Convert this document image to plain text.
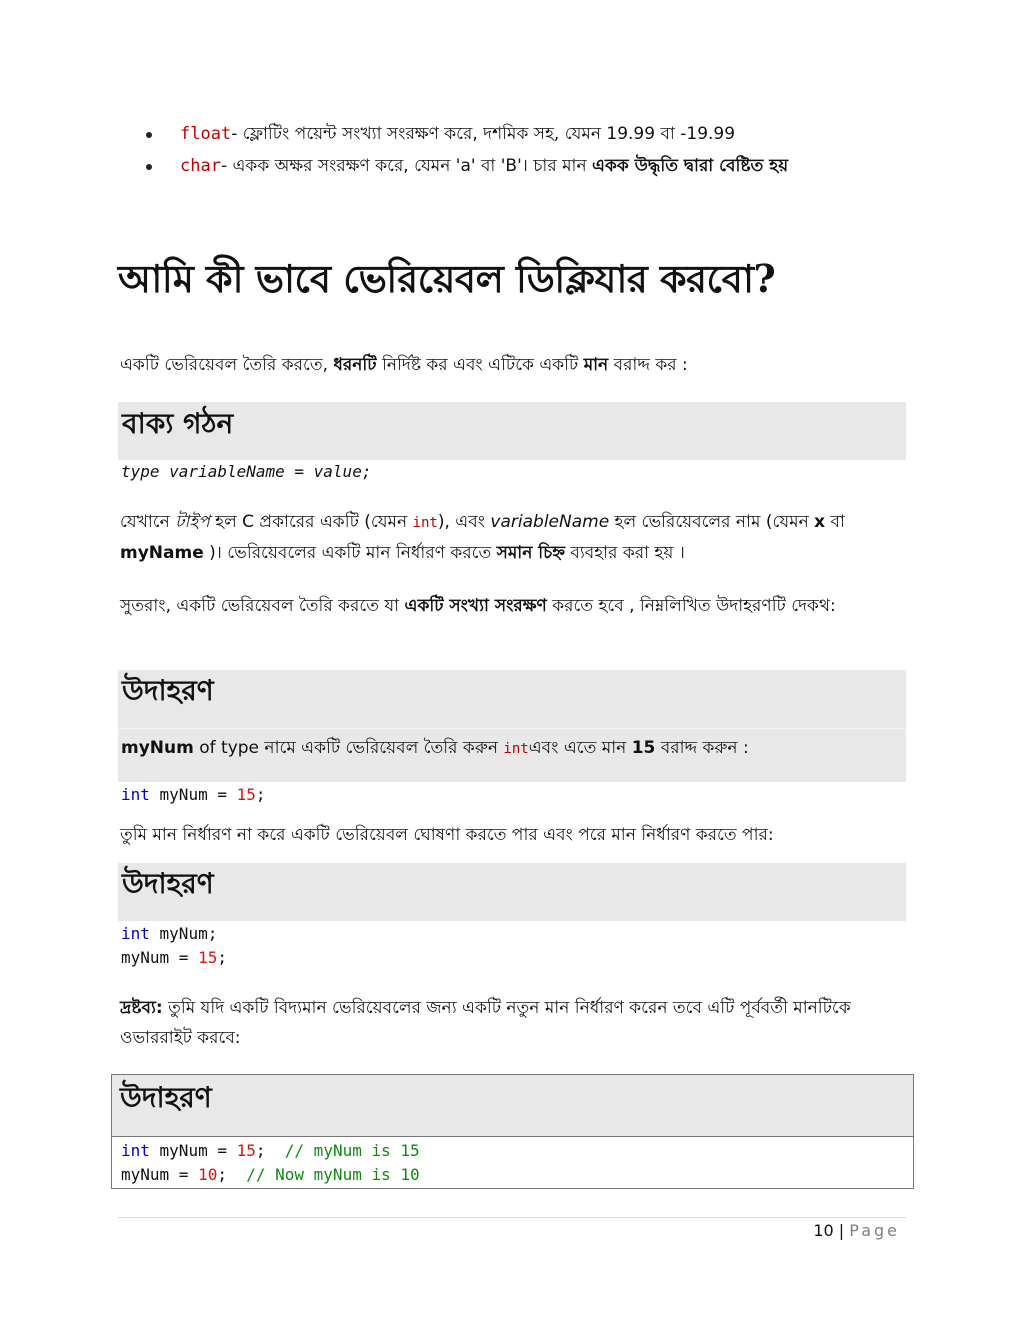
float- ফ্লোটিং পয়েন্ট সংখ্যা সংরক্ষণ করে, দশমিক সহ, যেমন 19.99 বা -19.99
char- একক অক্ষর সংরক্ষণ করে, যেমন 'a' বা 'B'। চার মান একক উদ্ধৃতি দ্বারা বেষ্টিত হয়
আমি কী ভাবে ভেরিয়েবল ডিক্লিযার করবো?
একটি ভেরিয়েবল তৈরি করতে, ধরনটি নির্দিষ্ট কর এবং এটিকে একটি মান বরাদ্দ কর :
বাক্য গঠন
type variableName = value;
যেখানে টাইপ হল C প্রকারের একটি (যেমন int), এবং variableName হল ভেরিয়েবলের নাম (যেমন x বা myName )। ভেরিয়েবলের একটি মান নির্ধারণ করতে সমান চিহ্ন ব্যবহার করা হয় ।
সুতরাং, একটি ভেরিয়েবল তৈরি করতে যা একটি সংখ্যা সংরক্ষণ করতে হবে , নিম্নলিখিত উদাহরণটি দেকথ:
উদাহরণ
myNum of type নামে একটি ভেরিয়েবল তৈরি করুন intএবং এতে মান 15 বরাদ্দ করুন :
int myNum = 15;
তুমি মান নির্ধারণ না করে একটি ভেরিয়েবল ঘোষণা করতে পার এবং পরে মান নির্ধারণ করতে পার:
উদাহরণ
int myNum;
myNum = 15;
দ্রষ্টব্য: তুমি যদি একটি বিদ্যমান ভেরিয়েবলের জন্য একটি নতুন মান নির্ধারণ করেন তবে এটি পূর্ববর্তী মানটিকে ওভাররাইট করবে:
উদাহরণ
int myNum = 15;  // myNum is 15
myNum = 10;  // Now myNum is 10
10 | Page
